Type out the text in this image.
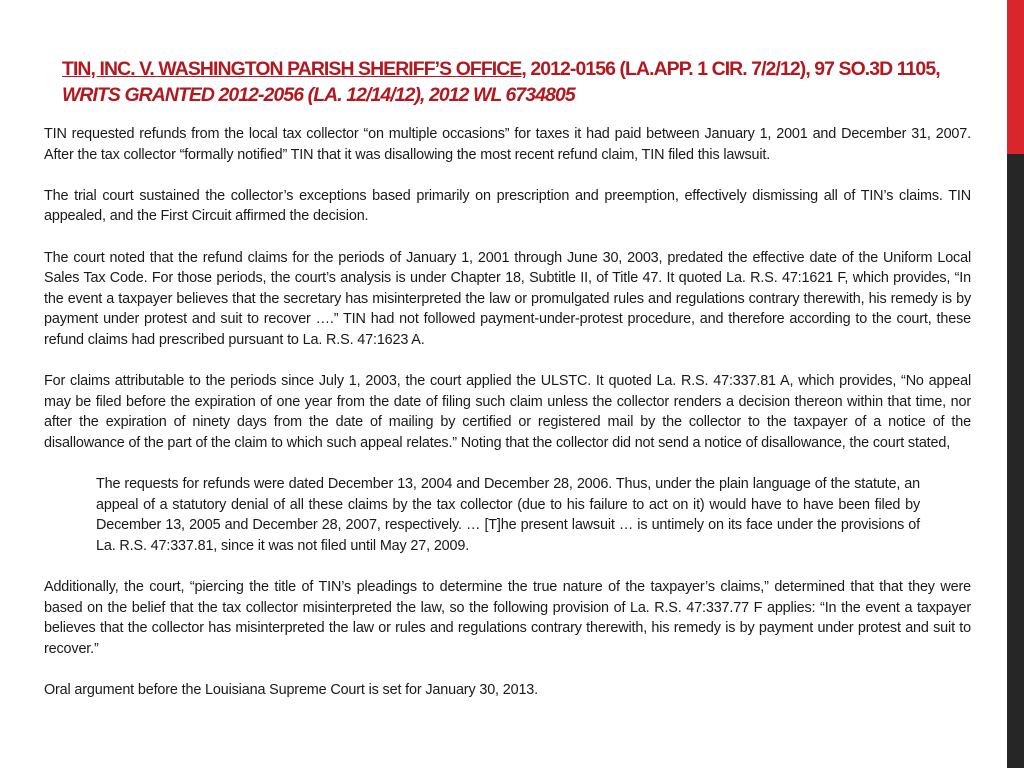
TIN, INC. V. WASHINGTON PARISH SHERIFF’S OFFICE, 2012-0156 (LA.APP. 1 CIR. 7/2/12), 97 SO.3D 1105,
WRITS GRANTED 2012-2056 (LA. 12/14/12), 2012 WL 6734805

TIN requested refunds from the local tax collector “on multiple occasions” for taxes it had paid between January 1, 2001 and December 31, 2007. After the tax collector “formally notified” TIN that it was disallowing the most recent refund claim, TIN filed this lawsuit.

The trial court sustained the collector’s exceptions based primarily on prescription and preemption, effectively dismissing all of TIN’s claims. TIN appealed, and the First Circuit affirmed the decision.

The court noted that the refund claims for the periods of January 1, 2001 through June 30, 2003, predated the effective date of the Uniform Local Sales Tax Code. For those periods, the court’s analysis is under Chapter 18, Subtitle II, of Title 47. It quoted La. R.S. 47:1621 F, which provides, “In the event a taxpayer believes that the secretary has misinterpreted the law or promulgated rules and regulations contrary therewith, his remedy is by payment under protest and suit to recover ….” TIN had not followed payment-under-protest procedure, and therefore according to the court, these refund claims had prescribed pursuant to La. R.S. 47:1623 A.

For claims attributable to the periods since July 1, 2003, the court applied the ULSTC. It quoted La. R.S. 47:337.81 A, which provides, “No appeal may be filed before the expiration of one year from the date of filing such claim unless the collector renders a decision thereon within that time, nor after the expiration of ninety days from the date of mailing by certified or registered mail by the collector to the taxpayer of a notice of the disallowance of the part of the claim to which such appeal relates.” Noting that the collector did not send a notice of disallowance, the court stated,

The requests for refunds were dated December 13, 2004 and December 28, 2006. Thus, under the plain language of the statute, an appeal of a statutory denial of all these claims by the tax collector (due to his failure to act on it) would have to have been filed by December 13, 2005 and December 28, 2007, respectively. … [T]he present lawsuit … is untimely on its face under the provisions of La. R.S. 47:337.81, since it was not filed until May 27, 2009.

Additionally, the court, “piercing the title of TIN’s pleadings to determine the true nature of the taxpayer’s claims,” determined that that they were based on the belief that the tax collector misinterpreted the law, so the following provision of La. R.S. 47:337.77 F applies: “In the event a taxpayer believes that the collector has misinterpreted the law or rules and regulations contrary therewith, his remedy is by payment under protest and suit to recover.”

Oral argument before the Louisiana Supreme Court is set for January 30, 2013.
